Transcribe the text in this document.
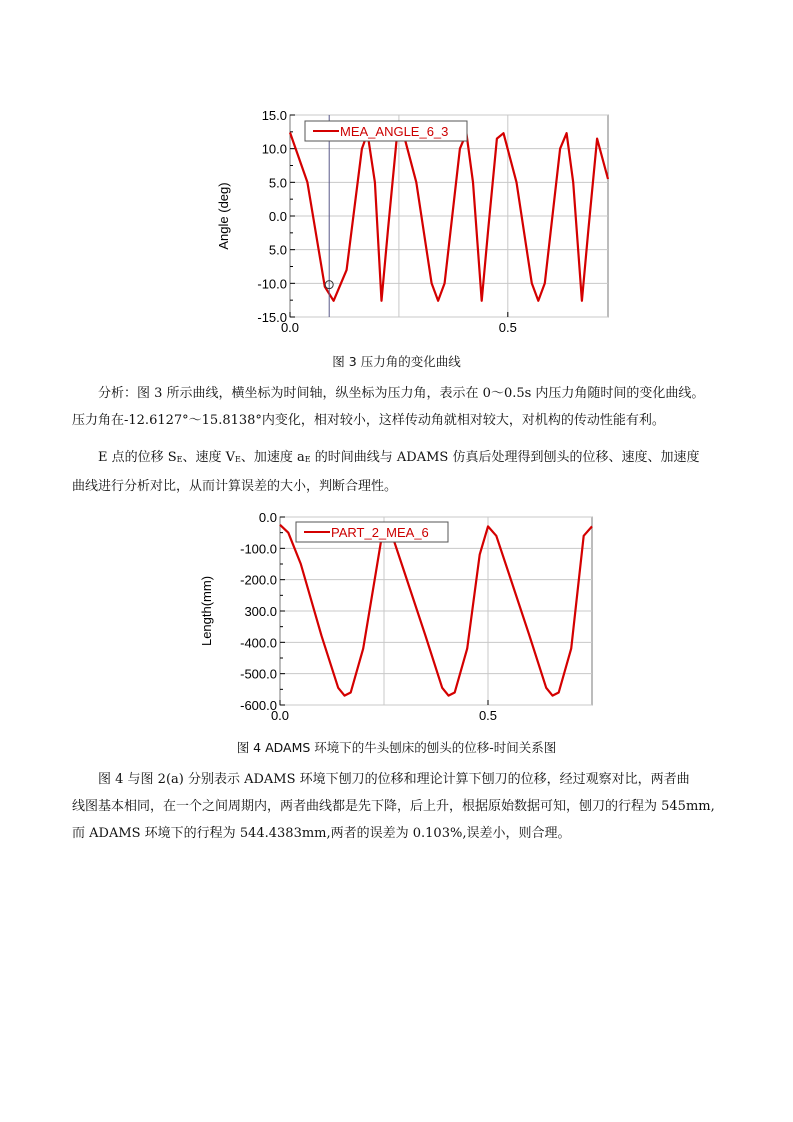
15.0
10.0
5.0
0.0
5.0
-10.0
-15.0
0.0	0.5
Angle (deg)
MEA_ANGLE_6_3
图 3 压力角的变化曲线
分析：图 3 所示曲线，横坐标为时间轴，纵坐标为压力角，表示在 0～0.5s 内压力角随时间的变化曲线。
压力角在-12.6127°～15.8138°内变化，相对较小，这样传动角就相对较大，对机构的传动性能有利。
E 点的位移 $S_E$、速度 $V_E$、加速度 $a_E$ 的时间曲线与 ADAMS 仿真后处理得到刨头的位移、速度、加速度
曲线进行分析对比，从而计算误差的大小，判断合理性。
0.0
-100.0
-200.0
300.0
-400.0
-500.0
-600.0
0.0	0.5
Length(mm)
PART_2_MEA_6
图 4 ADAMS 环境下的牛头刨床的刨头的位移-时间关系图
图 4 与图 2(a) 分别表示 ADAMS 环境下刨刀的位移和理论计算下刨刀的位移，经过观察对比，两者曲
线图基本相同，在一个之间周期内，两者曲线都是先下降，后上升，根据原始数据可知，刨刀的行程为 545mm,
而 ADAMS 环境下的行程为 544.4383mm,两者的误差为 0.103%,误差小，则合理。
